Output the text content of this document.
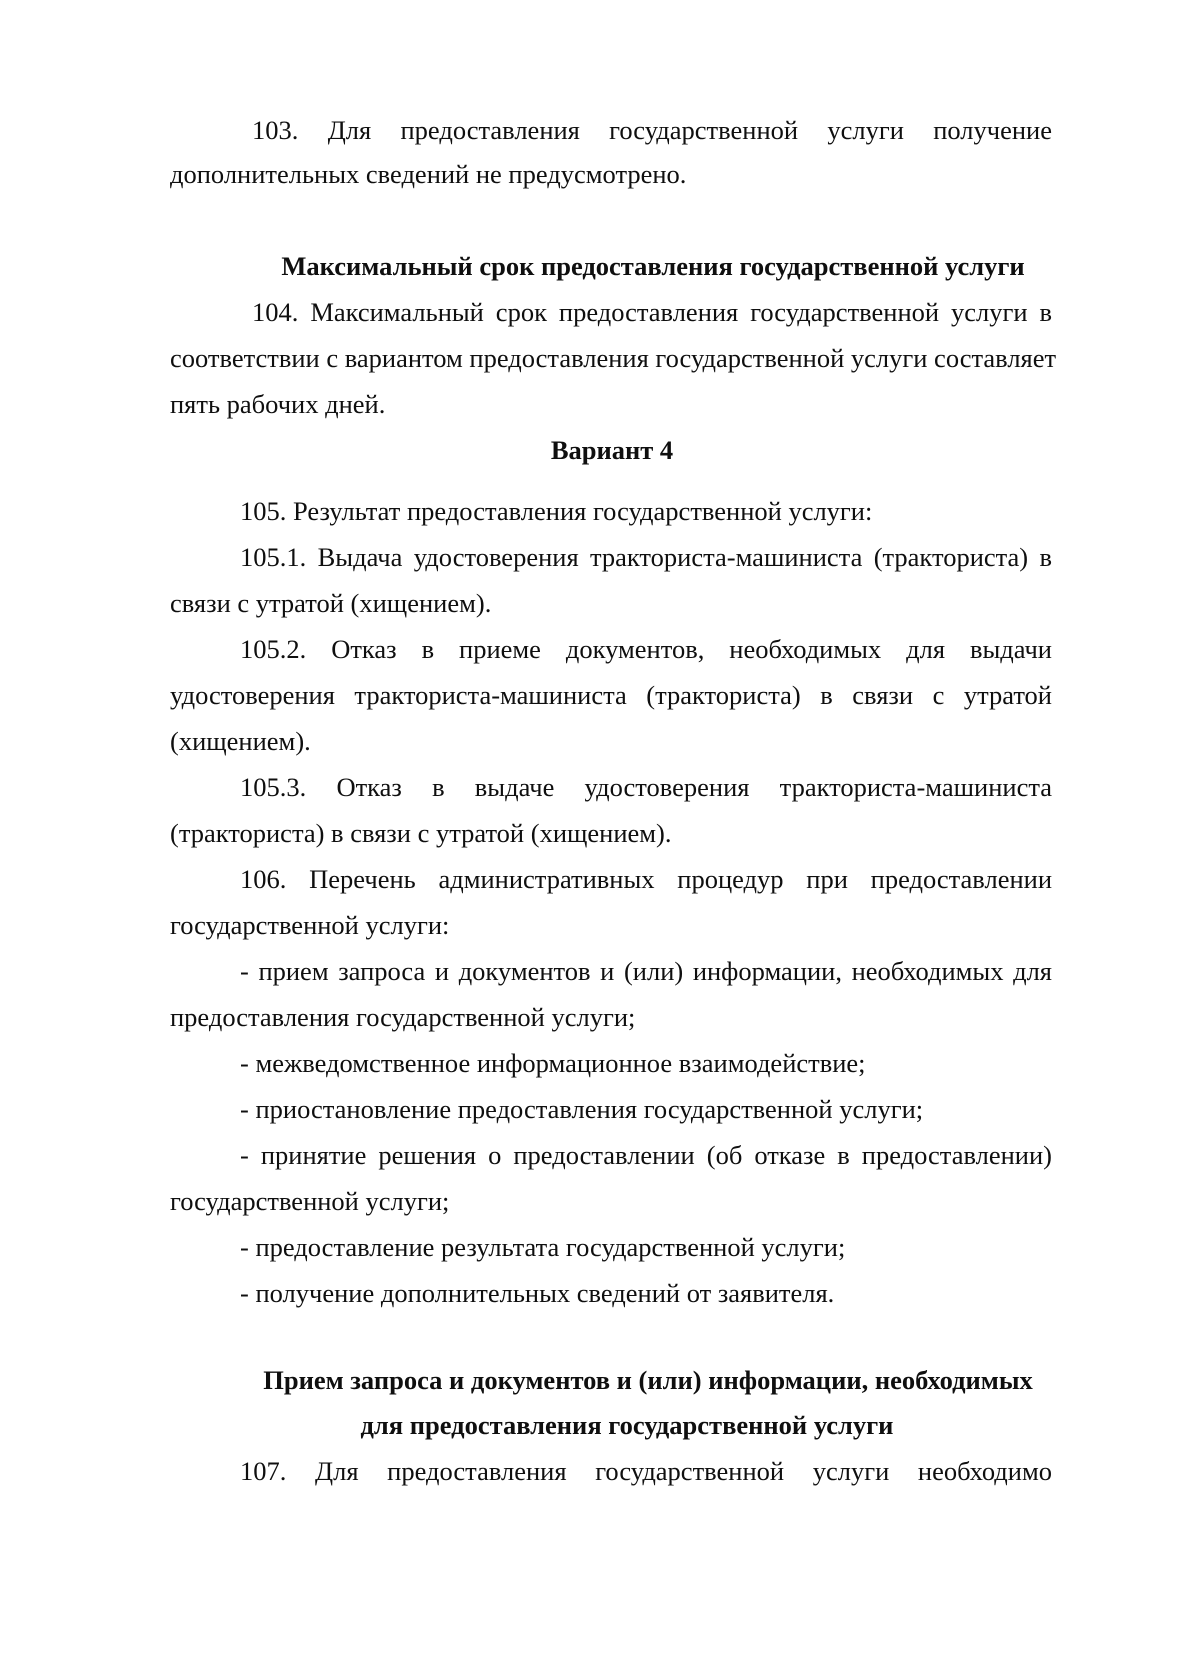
103. Для предоставления государственной услуги получение
дополнительных сведений не предусмотрено.
Максимальный срок предоставления государственной услуги
104. Максимальный срок предоставления государственной услуги в
соответствии с вариантом предоставления государственной услуги составляет
пять рабочих дней.
Вариант 4
105. Результат предоставления государственной услуги:
105.1. Выдача удостоверения тракториста-машиниста (тракториста) в
связи с утратой (хищением).
105.2. Отказ в приеме документов, необходимых для выдачи
удостоверения тракториста-машиниста (тракториста) в связи с утратой
(хищением).
105.3. Отказ в выдаче удостоверения тракториста-машиниста
(тракториста) в связи с утратой (хищением).
106. Перечень административных процедур при предоставлении
государственной услуги:
- прием запроса и документов и (или) информации, необходимых для
предоставления государственной услуги;
- межведомственное информационное взаимодействие;
- приостановление предоставления государственной услуги;
- принятие решения о предоставлении (об отказе в предоставлении)
государственной услуги;
- предоставление результата государственной услуги;
- получение дополнительных сведений от заявителя.
Прием запроса и документов и (или) информации, необходимых
для предоставления государственной услуги
107. Для предоставления государственной услуги необходимо
